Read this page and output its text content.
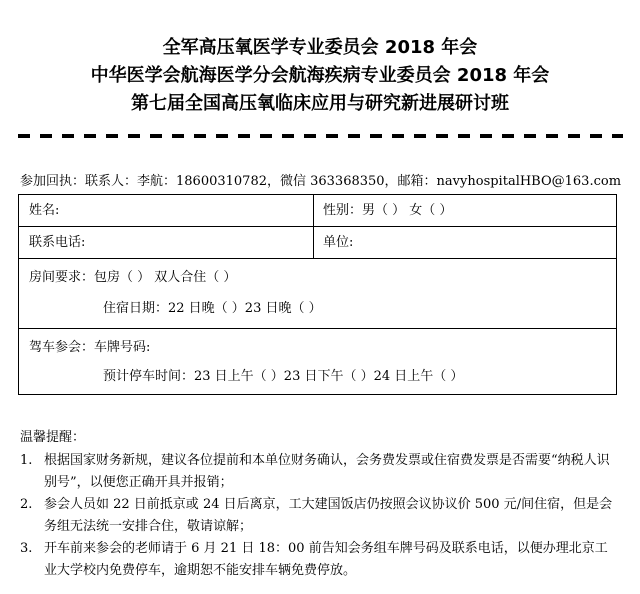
全军高压氧医学专业委员会 2018 年会
中华医学会航海医学分会航海疾病专业委员会 2018 年会
第七届全国高压氧临床应用与研究新进展研讨班
参加回执：联系人：李航：18600310782，微信 363368350，邮箱：navyhospitalHBO@163.com
姓名:	性别：男（ ） 女（ ）
联系电话:	单位:
房间要求：包房（ ） 双人合住（ ）
住宿日期：22 日晚（ ）23 日晚（ ）
驾车参会：车牌号码:
预计停车时间：23 日上午（ ）23 日下午（ ）24 日上午（ ）
温馨提醒：
1. 根据国家财务新规，建议各位提前和本单位财务确认，会务费发票或住宿费发票是否需要“纳税人识别号”，以便您正确开具并报销；
2. 参会人员如 22 日前抵京或 24 日后离京，工大建国饭店仍按照会议协议价 500 元/间住宿，但是会务组无法统一安排合住，敬请谅解；
3. 开车前来参会的老师请于 6 月 21 日 18：00 前告知会务组车牌号码及联系电话，以便办理北京工业大学校内免费停车，逾期恕不能安排车辆免费停放。
